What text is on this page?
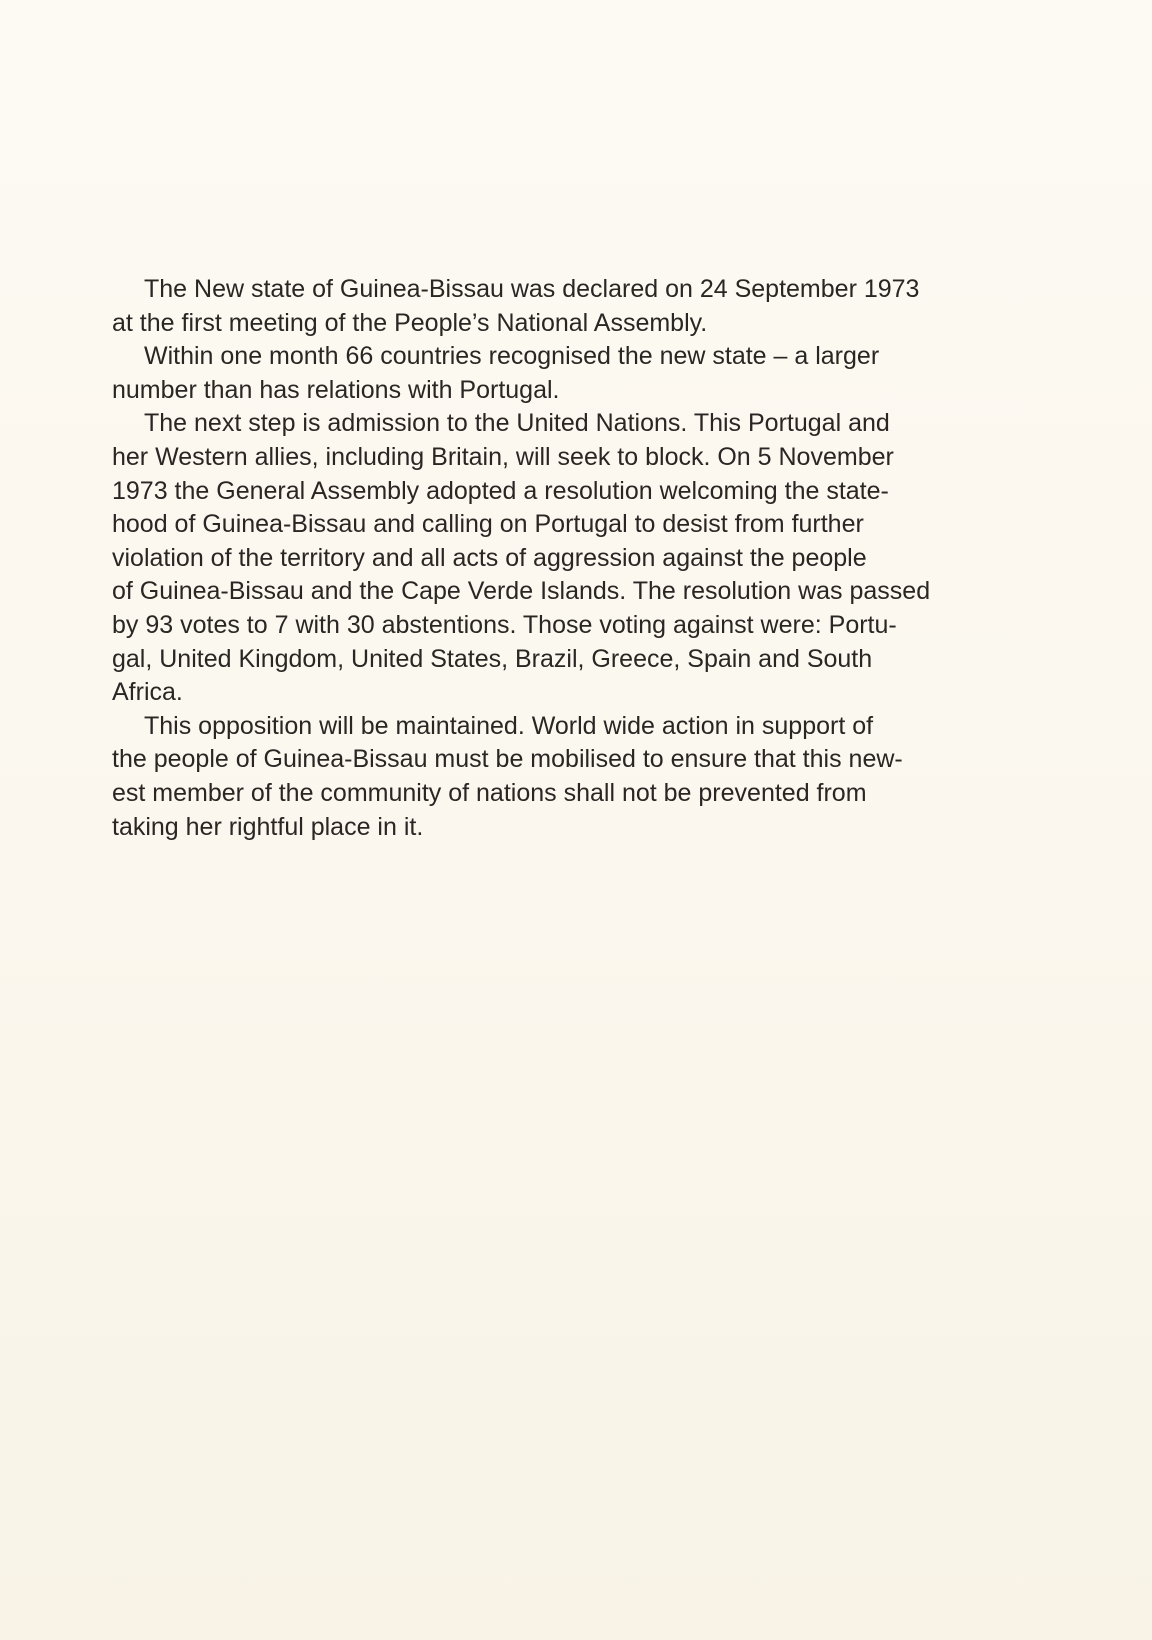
The New state of Guinea-Bissau was declared on 24 September 1973
at the first meeting of the People’s National Assembly.

Within one month 66 countries recognised the new state – a larger
number than has relations with Portugal.

The next step is admission to the United Nations. This Portugal and
her Western allies, including Britain, will seek to block. On 5 November
1973 the General Assembly adopted a resolution welcoming the state-
hood of Guinea-Bissau and calling on Portugal to desist from further
violation of the territory and all acts of aggression against the people
of Guinea-Bissau and the Cape Verde Islands. The resolution was passed
by 93 votes to 7 with 30 abstentions. Those voting against were: Portu-
gal, United Kingdom, United States, Brazil, Greece, Spain and South
Africa.

This opposition will be maintained. World wide action in support of
the people of Guinea-Bissau must be mobilised to ensure that this new-
est member of the community of nations shall not be prevented from
taking her rightful place in it.
